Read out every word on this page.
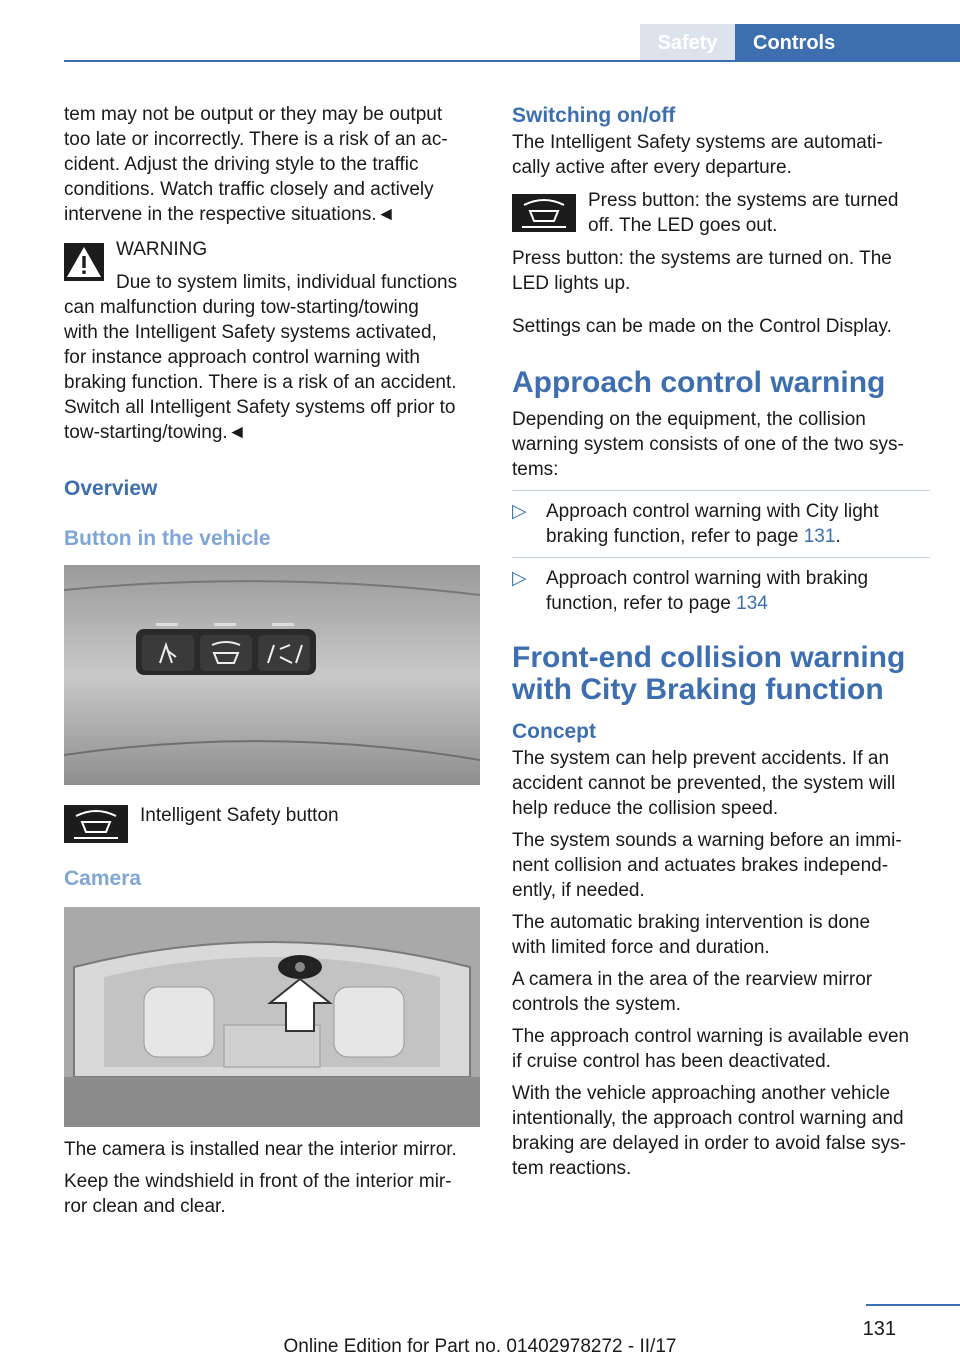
Safety	Controls

tem may not be output or they may be output

too late or incorrectly. There is a risk of an ac-

cident. Adjust the driving style to the traffic

conditions. Watch traffic closely and actively

intervene in the respective situations.◄

WARNING

Due to system limits, individual functions

can malfunction during tow-starting/towing

with the Intelligent Safety systems activated,

for instance approach control warning with

braking function. There is a risk of an accident.

Switch all Intelligent Safety systems off prior to

tow-starting/towing.◄

Overview

Button in the vehicle

Intelligent Safety button

Camera

The camera is installed near the interior mirror.

Keep the windshield in front of the interior mir-

ror clean and clear.

Switching on/off

The Intelligent Safety systems are automati-

cally active after every departure.

Press button: the systems are turned

off. The LED goes out.

Press button: the systems are turned on. The

LED lights up.

Settings can be made on the Control Display.

Approach control warning

Depending on the equipment, the collision

warning system consists of one of the two sys-

tems:

▷ Approach control warning with City light
braking function, refer to page 131.
▷ Approach control warning with braking
function, refer to page 134

Front-end collision warning

with City Braking function

Concept

The system can help prevent accidents. If an

accident cannot be prevented, the system will

help reduce the collision speed.

The system sounds a warning before an immi-

nent collision and actuates brakes independ-

ently, if needed.

The automatic braking intervention is done

with limited force and duration.

A camera in the area of the rearview mirror

controls the system.

The approach control warning is available even

if cruise control has been deactivated.

With the vehicle approaching another vehicle

intentionally, the approach control warning and

braking are delayed in order to avoid false sys-

tem reactions.

131
Online Edition for Part no. 01402978272 - II/17
